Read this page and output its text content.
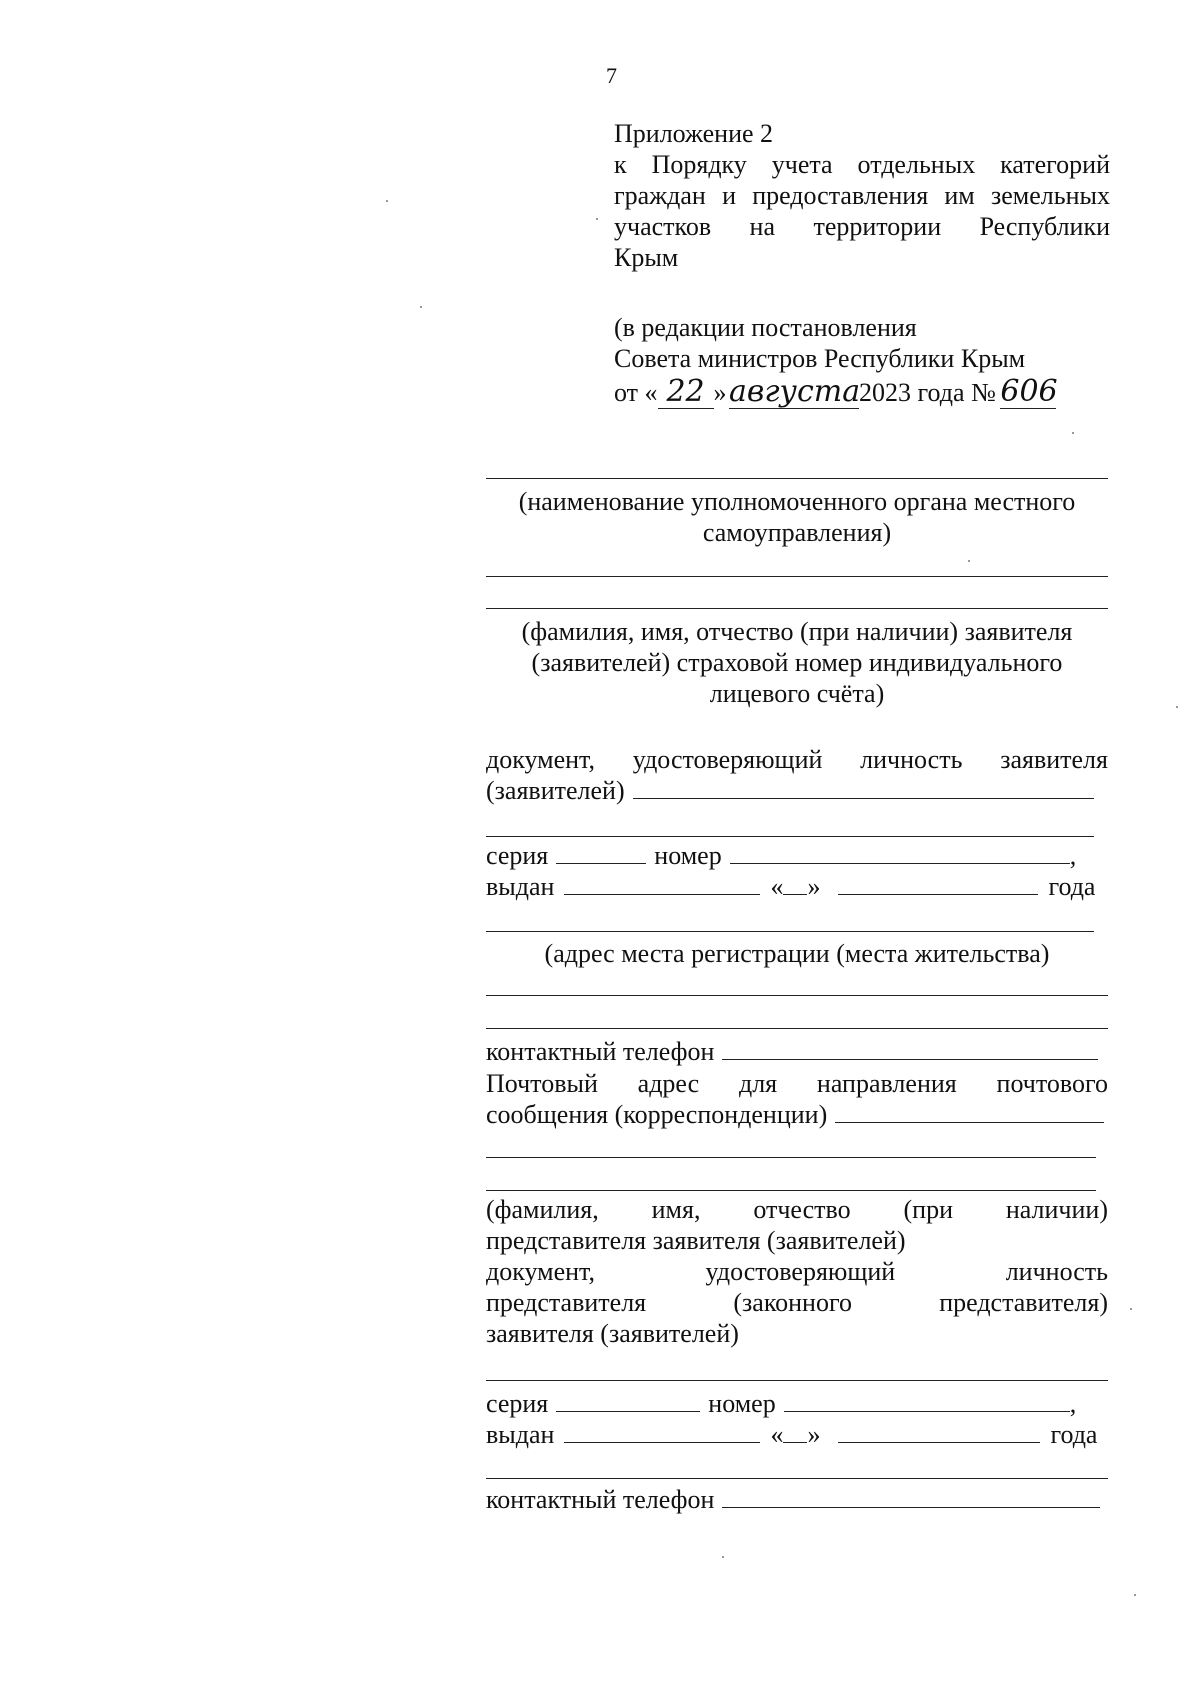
7
Приложение 2
к Порядку учета отдельных категорий
граждан и предоставления им земельных
участков на территории Республики
Крым
(в редакции постановления
Совета министров Республики Крым
от « 22 » августа2023 года № 606
(наименование уполномоченного органа местного
самоуправления)
(фамилия, имя, отчество (при наличии) заявителя
(заявителей) страховой номер индивидуального
лицевого счёта)
документ, удостоверяющий личность заявителя
(заявителей)
серия	номер	,
выдан	« »	года
(адрес места регистрации (места жительства)
контактный телефон
Почтовый адрес для направления почтового
сообщения (корреспонденции)
(фамилия, имя, отчество (при наличии)
представителя заявителя (заявителей)
документ, удостоверяющий личность
представителя (законного представителя)
заявителя (заявителей)
серия	номер	,
выдан	« »	года
контактный телефон
